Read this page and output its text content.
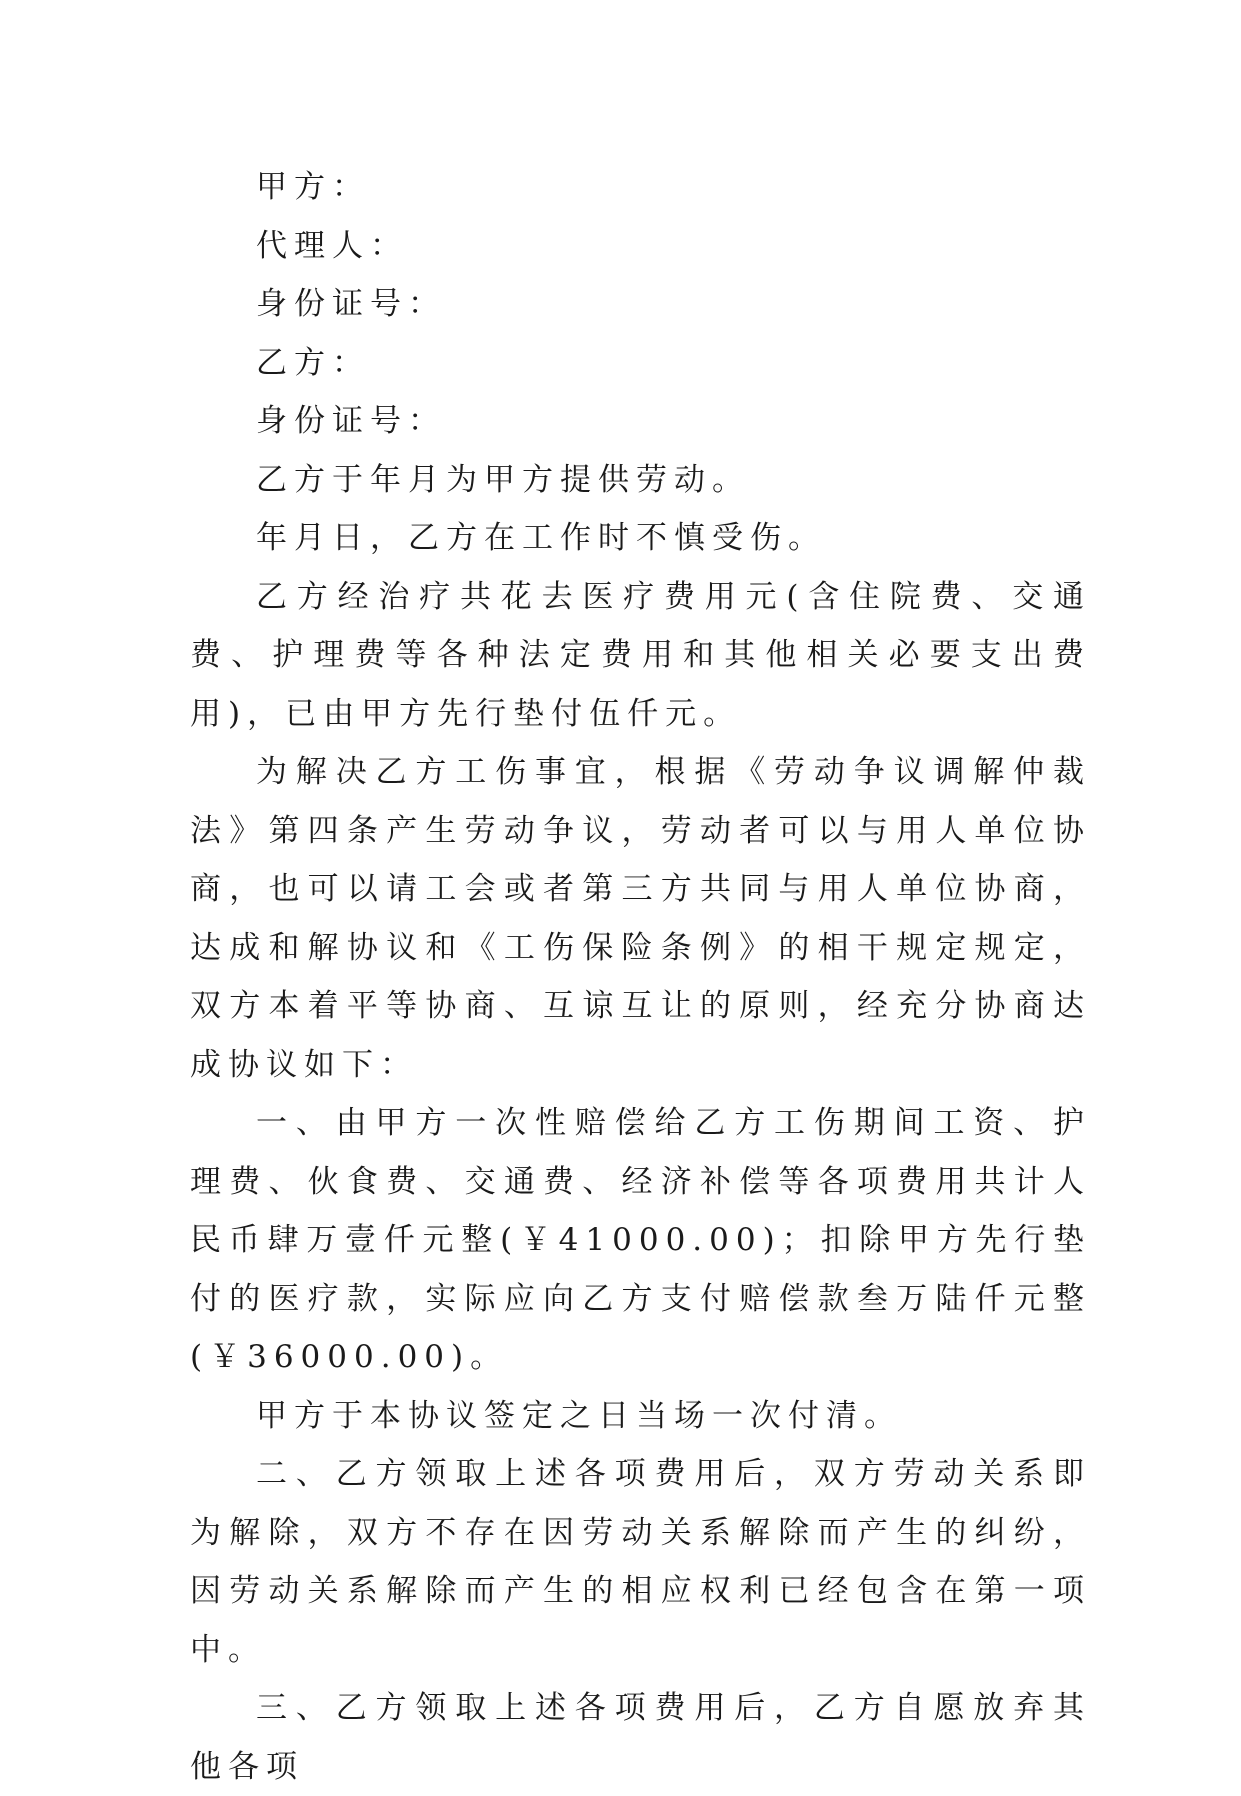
甲方：

代理人：

身份证号：

乙方：

身份证号：

乙方于年月为甲方提供劳动。

年月日，乙方在工作时不慎受伤。

乙方经治疗共花去医疗费用元(含住院费、交通费、护理费等各种法定费用和其他相关必要支出费用)，已由甲方先行垫付伍仟元。

为解决乙方工伤事宜，根据《劳动争议调解仲裁法》第四条产生劳动争议，劳动者可以与用人单位协商，也可以请工会或者第三方共同与用人单位协商，达成和解协议和《工伤保险条例》的相干规定规定，双方本着平等协商、互谅互让的原则，经充分协商达成协议如下：

一、由甲方一次性赔偿给乙方工伤期间工资、护理费、伙食费、交通费、经济补偿等各项费用共计人民币肆万壹仟元整(￥41000.00)；扣除甲方先行垫付的医疗款，实际应向乙方支付赔偿款叁万陆仟元整(￥36000.00)。

甲方于本协议签定之日当场一次付清。

二、乙方领取上述各项费用后，双方劳动关系即为解除，双方不存在因劳动关系解除而产生的纠纷，因劳动关系解除而产生的相应权利已经包含在第一项中。

三、乙方领取上述各项费用后，乙方自愿放弃其他各项
